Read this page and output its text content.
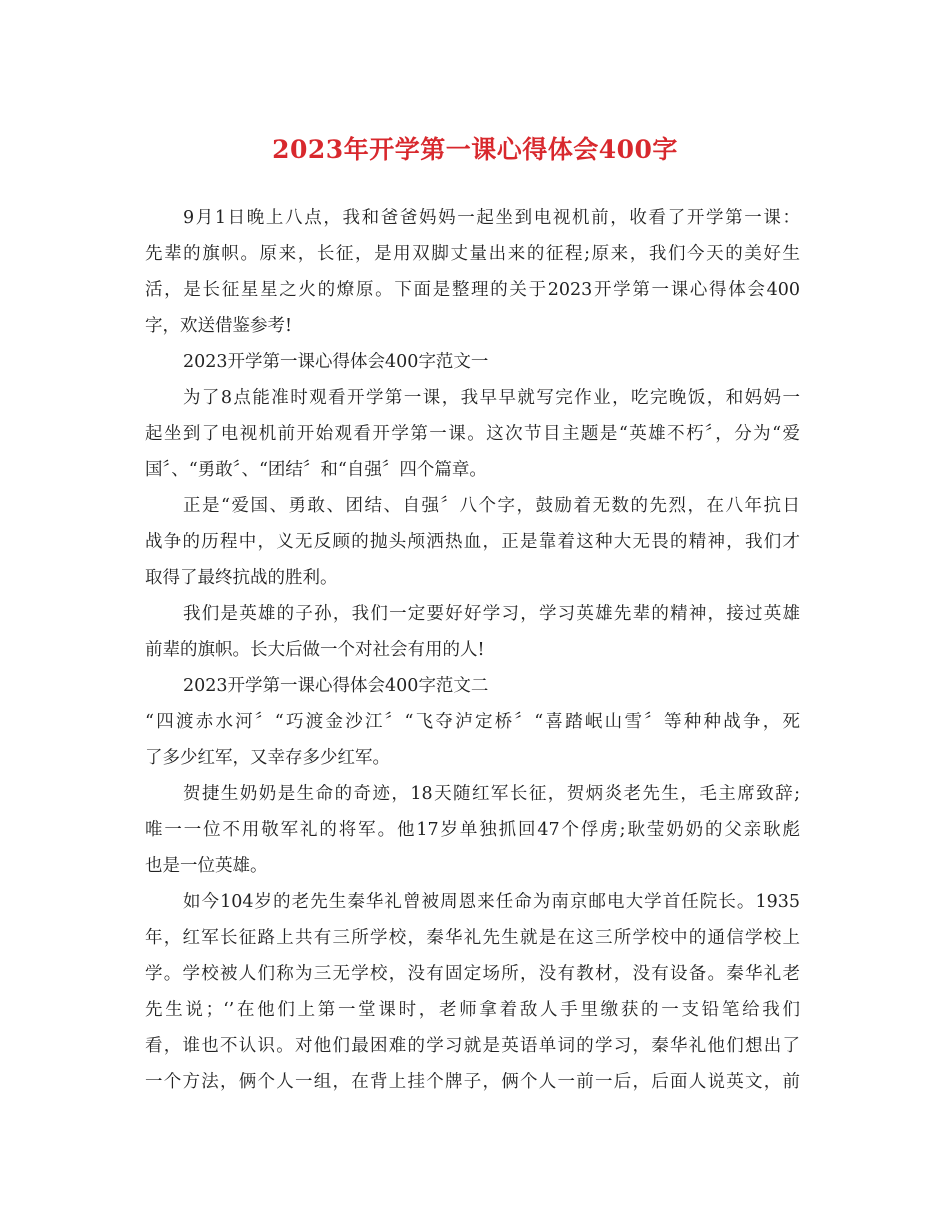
2023年开学第一课心得体会400字
9月1日晚上八点，我和爸爸妈妈一起坐到电视机前，收看了开学第一课：
先辈的旗帜。原来，长征，是用双脚丈量出来的征程;原来，我们今天的美好生
活，是长征星星之火的燎原。下面是整理的关于2023开学第一课心得体会400
字，欢送借鉴参考!
2023开学第一课心得体会400字范文一
为了8点能准时观看开学第一课，我早早就写完作业，吃完晚饭，和妈妈一
起坐到了电视机前开始观看开学第一课。这次节目主题是“英雄不朽〞，分为“爱
国〞、“勇敢〞、“团结〞和“自强〞四个篇章。
正是“爱国、勇敢、团结、自强〞八个字，鼓励着无数的先烈，在八年抗日
战争的历程中，义无反顾的抛头颅洒热血，正是靠着这种大无畏的精神，我们才
取得了最终抗战的胜利。
我们是英雄的子孙，我们一定要好好学习，学习英雄先辈的精神，接过英雄
前辈的旗帜。长大后做一个对社会有用的人!
2023开学第一课心得体会400字范文二
“四渡赤水河〞“巧渡金沙江〞“飞夺泸定桥〞“喜踏岷山雪〞等种种战争，死
了多少红军，又幸存多少红军。
贺捷生奶奶是生命的奇迹，18天随红军长征，贺炳炎老先生，毛主席致辞;
唯一一位不用敬军礼的将军。他17岁单独抓回47个俘虏;耿莹奶奶的父亲耿彪
也是一位英雄。
如今104岁的老先生秦华礼曾被周恩来任命为南京邮电大学首任院长。1935
年，红军长征路上共有三所学校，秦华礼先生就是在这三所学校中的通信学校上
学。学校被人们称为三无学校，没有固定场所，没有教材，没有设备。秦华礼老
先生说；‘’在他们上第一堂课时，老师拿着敌人手里缴获的一支铅笔给我们
看，谁也不认识。对他们最困难的学习就是英语单词的学习，秦华礼他们想出了
一个方法，俩个人一组，在背上挂个牌子，俩个人一前一后，后面人说英文，前
